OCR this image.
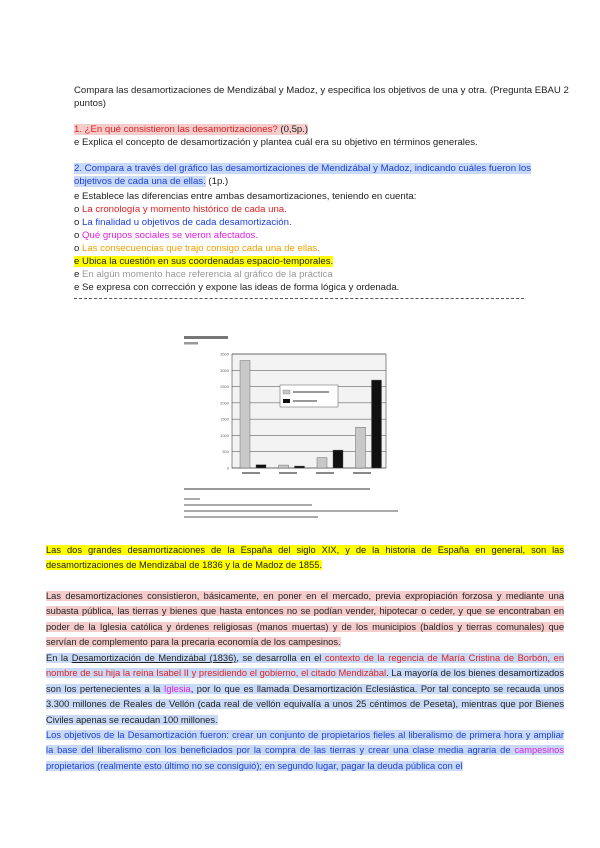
Compara las desamortizaciones de Mendizábal y Madoz, y especifica los objetivos de una y otra. (Pregunta EBAU 2 puntos)
1. ¿En qué consistieron las desamortizaciones? (0,5p.)
e Explica el concepto de desamortización y plantea cuál era su objetivo en términos generales.
2. Compara a través del gráfico las desamortizaciones de Mendizábal y Madoz, indicando cuáles fueron los objetivos de cada una de ellas. (1p.)
e Establece las diferencias entre ambas desamortizaciones, teniendo en cuenta:
o La cronología y momento histórico de cada una.
o La finalidad u objetivos de cada desamortización.
o Qué grupos sociales se vieron afectados.
o Las consecuencias que trajo consigo cada una de ellas.
e Ubica la cuestión en sus coordenadas espacio-temporales.
e En algún momento hace referencia al gráfico de la práctica
e Se expresa con corrección y expone las ideas de forma lógica y ordenada.
3500
3000
2500
2000
1500
1000
500
0
Las dos grandes desamortizaciones de la España del siglo XIX, y de la historia de España en general, son las desamortizaciones de Mendizábal de 1836 y la de Madoz de 1855.
Las desamortizaciones consistieron, básicamente, en poner en el mercado, previa expropiación forzosa y mediante una subasta pública, las tierras y bienes que hasta entonces no se podían vender, hipotecar o ceder, y que se encontraban en poder de la Iglesia católica y órdenes religiosas (manos muertas) y de los municipios (baldíos y tierras comunales) que servían de complemento para la precaria economía de los campesinos.
En la Desamortización de Mendizábal (1836), se desarrolla en el contexto de la regencia de María Cristina de Borbón, en nombre de su hija la reina Isabel II y presidiendo el gobierno, el citado Mendizábal. La mayoría de los bienes desamortizados son los pertenecientes a la Iglesia, por lo que es llamada Desamortización Eclesiástica. Por tal concepto se recauda unos 3.300 millones de Reales de Vellón (cada real de vellón equivalía a unos 25 céntimos de Peseta), mientras que por Bienes Civiles apenas se recaudan 100 millones.
Los objetivos de la Desamortización fueron: crear un conjunto de propietarios fieles al liberalismo de primera hora y ampliar la base del liberalismo con los beneficiados por la compra de las tierras y crear una clase media agraria de campesinos propietarios (realmente esto último no se consiguió); en segundo lugar, pagar la deuda pública con el
